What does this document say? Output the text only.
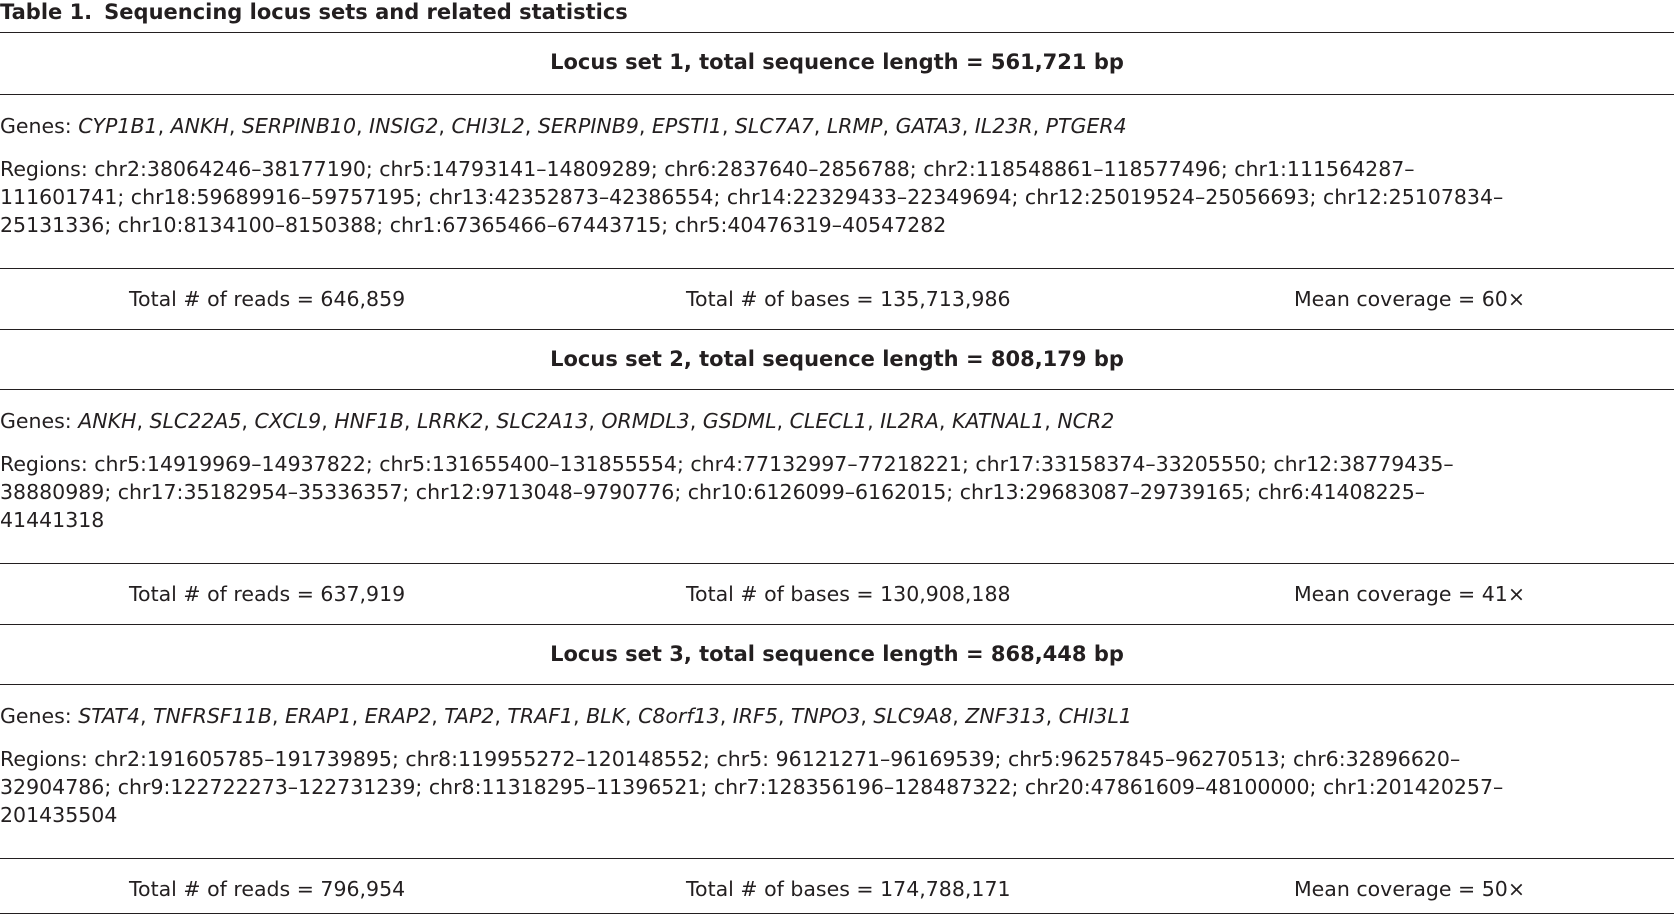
Table 1. Sequencing locus sets and related statistics
Locus set 1, total sequence length = 561,721 bp
Genes: CYP1B1, ANKH, SERPINB10, INSIG2, CHI3L2, SERPINB9, EPSTI1, SLC7A7, LRMP, GATA3, IL23R, PTGER4
Regions: chr2:38064246–38177190; chr5:14793141–14809289; chr6:2837640–2856788; chr2:118548861–118577496; chr1:111564287–
111601741; chr18:59689916–59757195; chr13:42352873–42386554; chr14:22329433–22349694; chr12:25019524–25056693; chr12:25107834–
25131336; chr10:8134100–8150388; chr1:67365466–67443715; chr5:40476319–40547282
Total # of reads = 646,859	Total # of bases = 135,713,986	Mean coverage = 60×
Locus set 2, total sequence length = 808,179 bp
Genes: ANKH, SLC22A5, CXCL9, HNF1B, LRRK2, SLC2A13, ORMDL3, GSDML, CLECL1, IL2RA, KATNAL1, NCR2
Regions: chr5:14919969–14937822; chr5:131655400–131855554; chr4:77132997–77218221; chr17:33158374–33205550; chr12:38779435–
38880989; chr17:35182954–35336357; chr12:9713048–9790776; chr10:6126099–6162015; chr13:29683087–29739165; chr6:41408225–
41441318
Total # of reads = 637,919	Total # of bases = 130,908,188	Mean coverage = 41×
Locus set 3, total sequence length = 868,448 bp
Genes: STAT4, TNFRSF11B, ERAP1, ERAP2, TAP2, TRAF1, BLK, C8orf13, IRF5, TNPO3, SLC9A8, ZNF313, CHI3L1
Regions: chr2:191605785–191739895; chr8:119955272–120148552; chr5: 96121271–96169539; chr5:96257845–96270513; chr6:32896620–
32904786; chr9:122722273–122731239; chr8:11318295–11396521; chr7:128356196–128487322; chr20:47861609–48100000; chr1:201420257–
201435504
Total # of reads = 796,954	Total # of bases = 174,788,171	Mean coverage = 50×
